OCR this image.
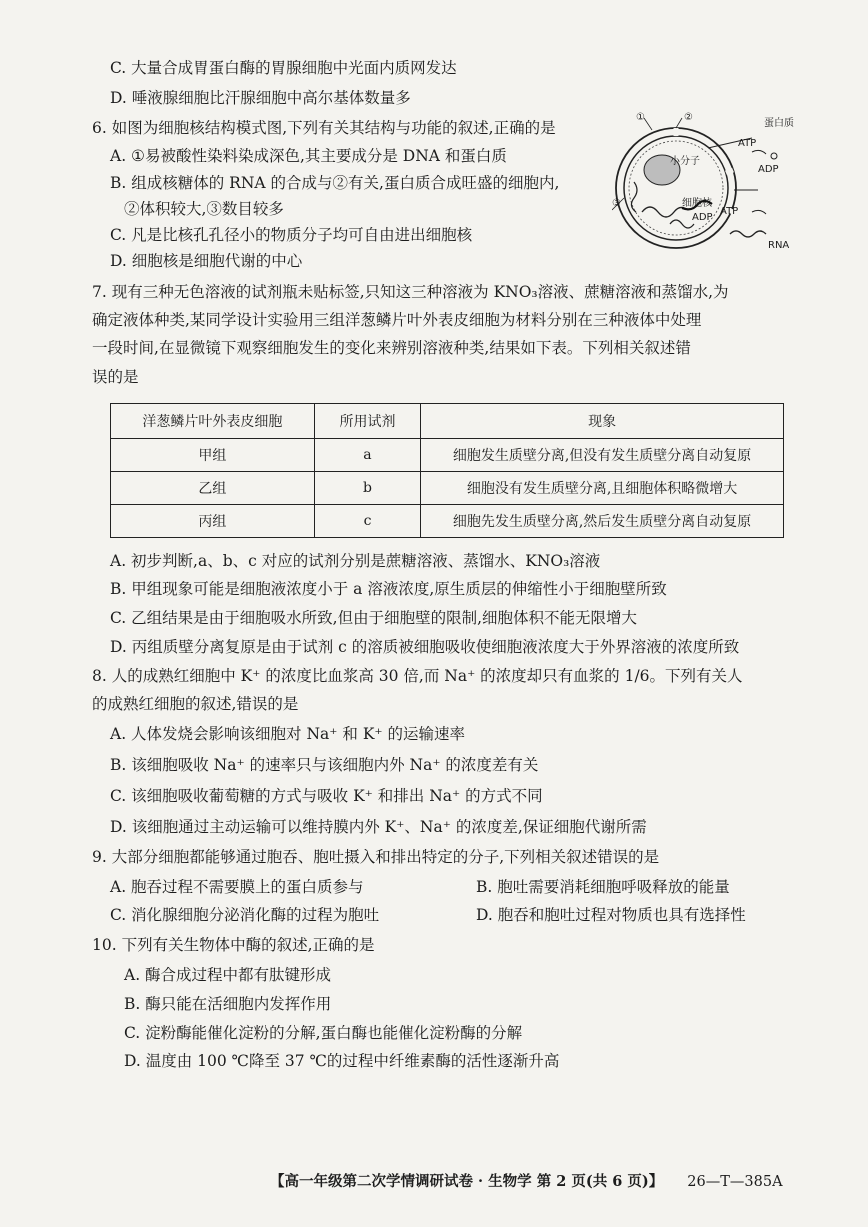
C. 大量合成胃蛋白酶的胃腺细胞中光面内质网发达
D. 唾液腺细胞比汗腺细胞中高尔基体数量多
6. 如图为细胞核结构模式图,下列有关其结构与功能的叙述,正确的是
A. ①易被酸性染料染成深色,其主要成分是 DNA 和蛋白质
B. 组成核糖体的 RNA 的合成与②有关,蛋白质合成旺盛的细胞内,
②体积较大,③数目较多
C. 凡是比核孔孔径小的物质分子均可自由进出细胞核
D. 细胞核是细胞代谢的中心
③
②
①
蛋白质
ATP
ADP
小分子
细胞核
ATP
ADP
RNA
7. 现有三种无色溶液的试剂瓶未贴标签,只知这三种溶液为 KNO₃溶液、蔗糖溶液和蒸馏水,为
确定液体种类,某同学设计实验用三组洋葱鳞片叶外表皮细胞为材料分别在三种液体中处理
一段时间,在显微镜下观察细胞发生的变化来辨别溶液种类,结果如下表。下列相关叙述错
误的是
洋葱鳞片叶外表皮细胞	所用试剂	现象
甲组	a	细胞发生质壁分离,但没有发生质壁分离自动复原
乙组	b	细胞没有发生质壁分离,且细胞体积略微增大
丙组	c	细胞先发生质壁分离,然后发生质壁分离自动复原
A. 初步判断,a、b、c 对应的试剂分别是蔗糖溶液、蒸馏水、KNO₃溶液
B. 甲组现象可能是细胞液浓度小于 a 溶液浓度,原生质层的伸缩性小于细胞壁所致
C. 乙组结果是由于细胞吸水所致,但由于细胞壁的限制,细胞体积不能无限增大
D. 丙组质壁分离复原是由于试剂 c 的溶质被细胞吸收使细胞液浓度大于外界溶液的浓度所致
8. 人的成熟红细胞中 K⁺ 的浓度比血浆高 30 倍,而 Na⁺ 的浓度却只有血浆的 1/6。下列有关人
的成熟红细胞的叙述,错误的是
A. 人体发烧会影响该细胞对 Na⁺ 和 K⁺ 的运输速率
B. 该细胞吸收 Na⁺ 的速率只与该细胞内外 Na⁺ 的浓度差有关
C. 该细胞吸收葡萄糖的方式与吸收 K⁺ 和排出 Na⁺ 的方式不同
D. 该细胞通过主动运输可以维持膜内外 K⁺、Na⁺ 的浓度差,保证细胞代谢所需
9. 大部分细胞都能够通过胞吞、胞吐摄入和排出特定的分子,下列相关叙述错误的是
A. 胞吞过程不需要膜上的蛋白质参与	B. 胞吐需要消耗细胞呼吸释放的能量
C. 消化腺细胞分泌消化酶的过程为胞吐	D. 胞吞和胞吐过程对物质也具有选择性
10. 下列有关生物体中酶的叙述,正确的是
A. 酶合成过程中都有肽键形成
B. 酶只能在活细胞内发挥作用
C. 淀粉酶能催化淀粉的分解,蛋白酶也能催化淀粉酶的分解
D. 温度由 100 ℃降至 37 ℃的过程中纤维素酶的活性逐渐升高
【高一年级第二次学情调研试卷 · 生物学 第 2 页(共 6 页)】 26—T—385A
